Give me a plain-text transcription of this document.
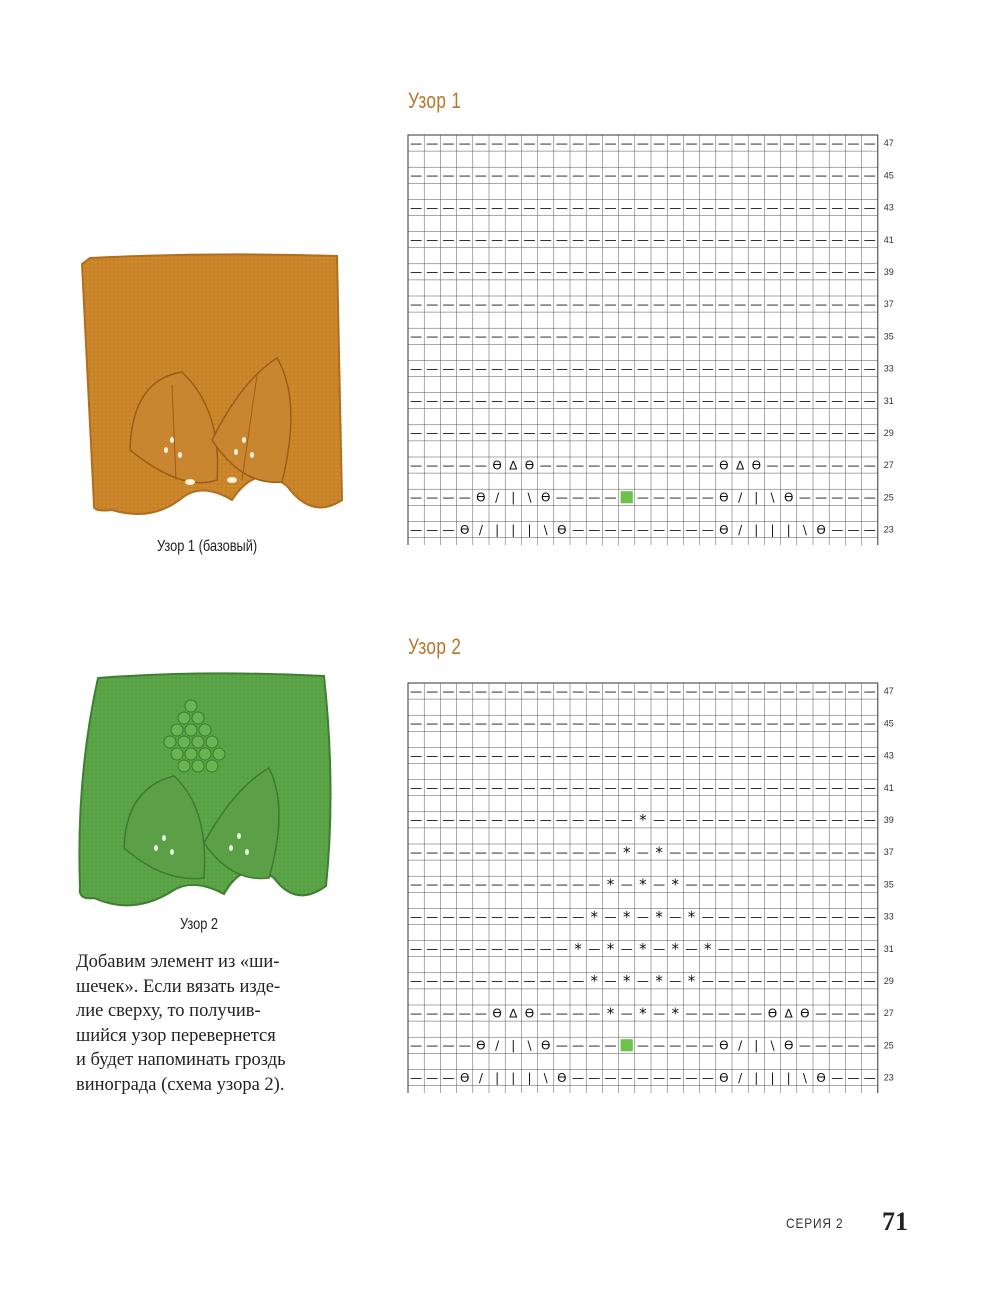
Узор 1
Узор 1 (базовый)
— — — — — — — — — — — — — — — — — — — — — — — — — — — — — 47
— — — — — — — — — — — — — — — — — — — — — — — — — — — — — 45
— — — — — — — — — — — — — — — — — — — — — — — — — — — — — 43
— — — — — — — — — — — — — — — — — — — — — — — — — — — — — 41
— — — — — — — — — — — — — — — — — — — — — — — — — — — — — 39
— — — — — — — — — — — — — — — — — — — — — — — — — — — — — 37
— — — — — — — — — — — — — — — — — — — — — — — — — — — — — 35
— — — — — — — — — — — — — — — — — — — — — — — — — — — — — 33
— — — — — — — — — — — — — — — — — — — — — — — — — — — — — 31
— — — — — — — — — — — — — — — — — — — — — — — — — — — — — 29
— — — — — ϴ ∆ ϴ — — — — — — — — — — — ϴ ∆ ϴ — — — — — — — 27
— — — — ϴ / | \ ϴ — — — — — — — — — ϴ / | \ ϴ — — — — — 25
— — — ϴ / | | | \ ϴ — — — — — — — — — ϴ / | | | \ ϴ — — — 23
Узор 2
Узор 2
Добавим элемент из «ши-
шечек». Если вязать изде-
лие сверху, то получив-
шийся узор перевернется
и будет напоминать гроздь
винограда (схема узора 2).
— — — — — — — — — — — — — — — — — — — — — — — — — — — — — 47
— — — — — — — — — — — — — — — — — — — — — — — — — — — — — 45
— — — — — — — — — — — — — — — — — — — — — — — — — — — — — 43
— — — — — — — — — — — — — — — — — — — — — — — — — — — — — 41
— — — — — — — — — — — — — — * — — — — — — — — — — — — — — 39
— — — — — — — — — — — — — * — * — — — — — — — — — — — — — 37
— — — — — — — — — — — — * — * — * — — — — — — — — — — — — 35
— — — — — — — — — — — * — * — * — * — — — — — — — — — — — 33
— — — — — — — — — — * — * — * — * — * — — — — — — — — — — 31
— — — — — — — — — — — * — * — * — * — — — — — — — — — — — 29
— — — — — ϴ ∆ ϴ — — — — * — * — * — — — — — ϴ ∆ ϴ — — — — 27
— — — — ϴ / | \ ϴ — — — — — — — — — ϴ / | \ ϴ — — — — — 25
— — — ϴ / | | | \ ϴ — — — — — — — — — ϴ / | | | \ ϴ — — — 23
СЕРИЯ 2 71
